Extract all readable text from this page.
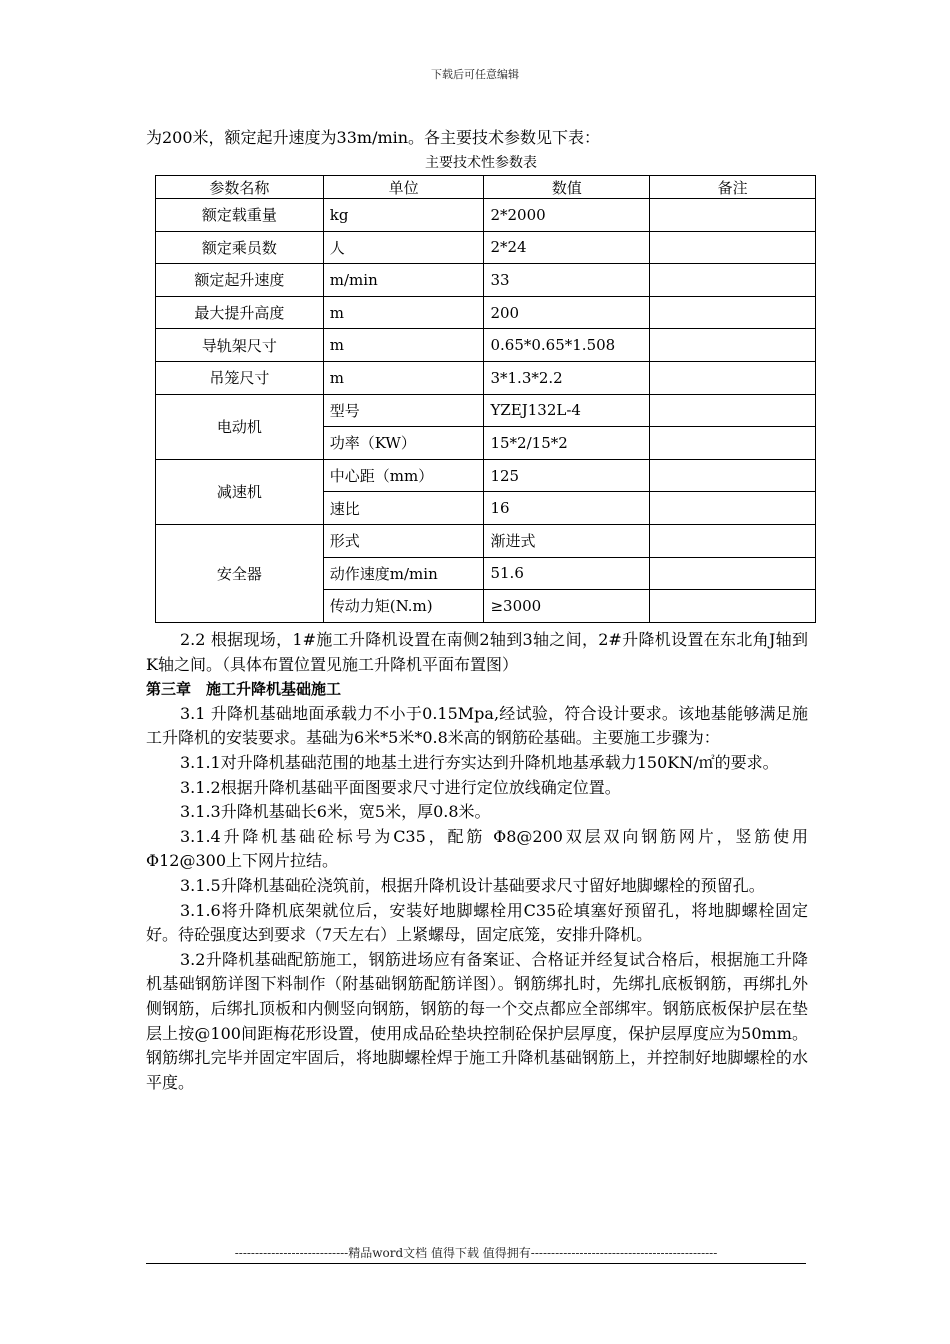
下载后可任意编辑
为200米，额定起升速度为33m/min。各主要技术参数见下表：
主要技术性参数表
参数名称	单位	数值	备注
额定载重量	kg	2*2000	
额定乘员数	人	2*24	
额定起升速度	m/min	33	
最大提升高度	m	200	
导轨架尺寸	m	0.65*0.65*1.508	
吊笼尺寸	m	3*1.3*2.2	
电动机	型号	YZEJ132L-4	
	功率（KW）	15*2/15*2	
减速机	中心距（mm）	125	
	速比	16	
安全器	形式	渐进式	
	动作速度m/min	51.6	
	传动力矩(N.m)	≥3000	

2.2 根据现场，1#施工升降机设置在南侧2轴到3轴之间，2#升降机设置在东北角J轴到K轴之间。（具体布置位置见施工升降机平面布置图）

第三章　施工升降机基础施工

3.1 升降机基础地面承载力不小于0.15Mpa,经试验，符合设计要求。该地基能够满足施工升降机的安装要求。基础为6米*5米*0.8米高的钢筋砼基础。主要施工步骤为：

3.1.1对升降机基础范围的地基土进行夯实达到升降机地基承载力150KN/㎡的要求。

3.1.2根据升降机基础平面图要求尺寸进行定位放线确定位置。

3.1.3升降机基础长6米，宽5米，厚0.8米。

3.1.4升降机基础砼标号为C35，配筋 Φ8@200双层双向钢筋网片，竖筋使用 Φ12@300上下网片拉结。

3.1.5升降机基础砼浇筑前，根据升降机设计基础要求尺寸留好地脚螺栓的预留孔。

3.1.6将升降机底架就位后，安装好地脚螺栓用C35砼填塞好预留孔，将地脚螺栓固定好。待砼强度达到要求（7天左右）上紧螺母，固定底笼，安排升降机。

3.2升降机基础配筋施工，钢筋进场应有备案证、合格证并经复试合格后，根据施工升降机基础钢筋详图下料制作（附基础钢筋配筋详图）。钢筋绑扎时，先绑扎底板钢筋，再绑扎外侧钢筋，后绑扎顶板和内侧竖向钢筋，钢筋的每一个交点都应全部绑牢。钢筋底板保护层在垫层上按@100间距梅花形设置，使用成品砼垫块控制砼保护层厚度，保护层厚度应为50mm。钢筋绑扎完毕并固定牢固后，将地脚螺栓焊于施工升降机基础钢筋上，并控制好地脚螺栓的水平度。

----------------------------精品word文档 值得下载 值得拥有----------------------------------------------
